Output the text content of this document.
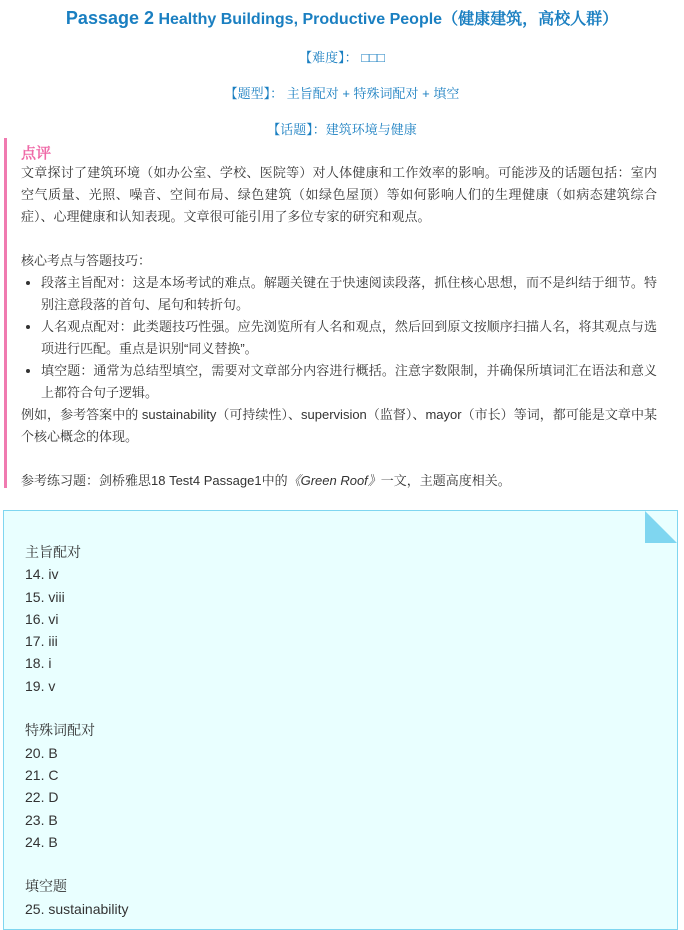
Passage 2 Healthy Buildings, Productive People（健康建筑，高校人群）
【难度】： □□□
【题型】： 主旨配对 + 特殊词配对 + 填空
【话题】：建筑环境与健康
点评

文章探讨了建筑环境（如办公室、学校、医院等）对人体健康和工作效率的影响。可能涉及的话题包括：室内空气质量、光照、噪音、空间布局、绿色建筑（如绿色屋顶）等如何影响人们的生理健康（如病态建筑综合症）、心理健康和认知表现。文章很可能引用了多位专家的研究和观点。

核心考点与答题技巧：

• 段落主旨配对：这是本场考试的难点。解题关键在于快速阅读段落，抓住核心思想，而不是纠结于细节。特别注意段落的首句、尾句和转折句。
• 人名观点配对：此类题技巧性强。应先浏览所有人名和观点，然后回到原文按顺序扫描人名，将其观点与选项进行匹配。重点是识别“同义替换”。
• 填空题：通常为总结型填空，需要对文章部分内容进行概括。注意字数限制，并确保所填词汇在语法和意义上都符合句子逻辑。

例如，参考答案中的 sustainability（可持续性）、supervision（监督）、mayor（市长）等词，都可能是文章中某个核心概念的体现。

参考练习题：剑桥雅思18 Test4 Passage1中的《Green Roof》一文，主题高度相关。

主旨配对
14. iv
15. viii
16. vi
17. iii
18. i
19. v
特殊词配对
20. B
21. C
22. D
23. B
24. B
填空题
25. sustainability
